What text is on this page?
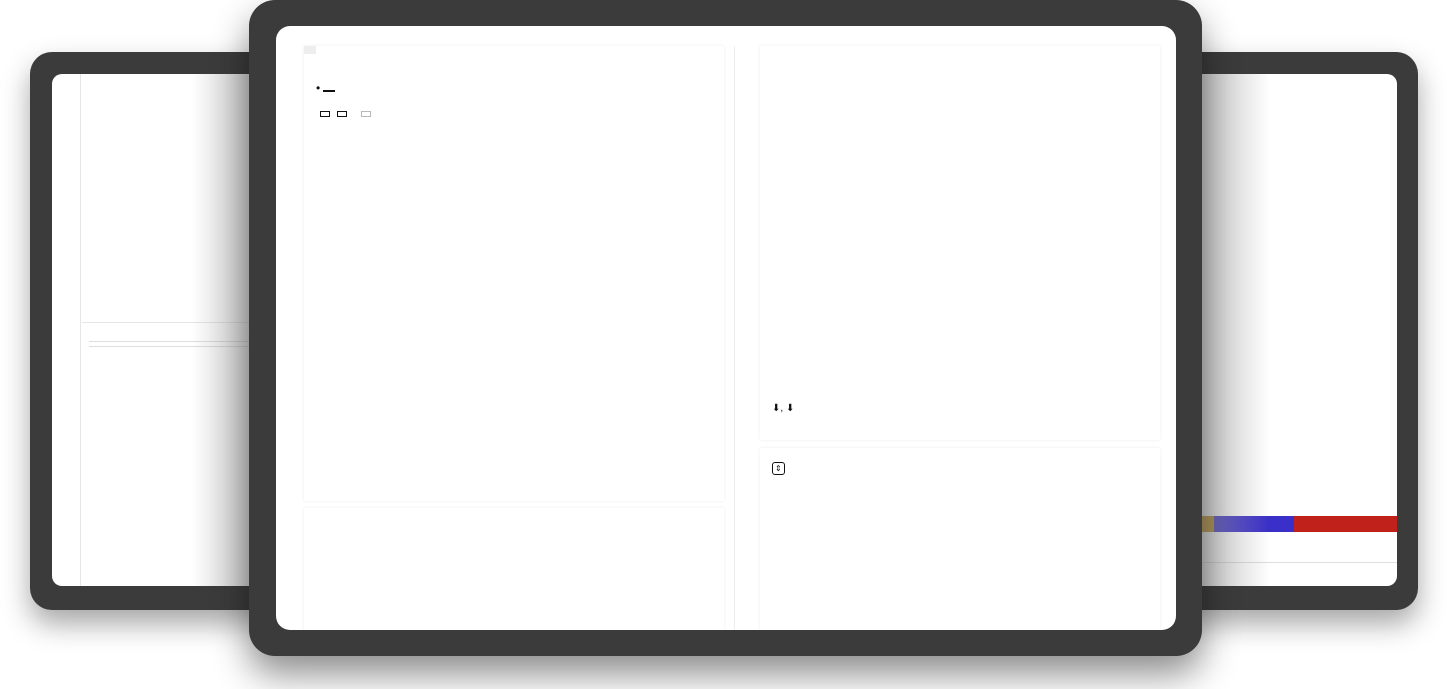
•

⬇, ⬇
⇕
